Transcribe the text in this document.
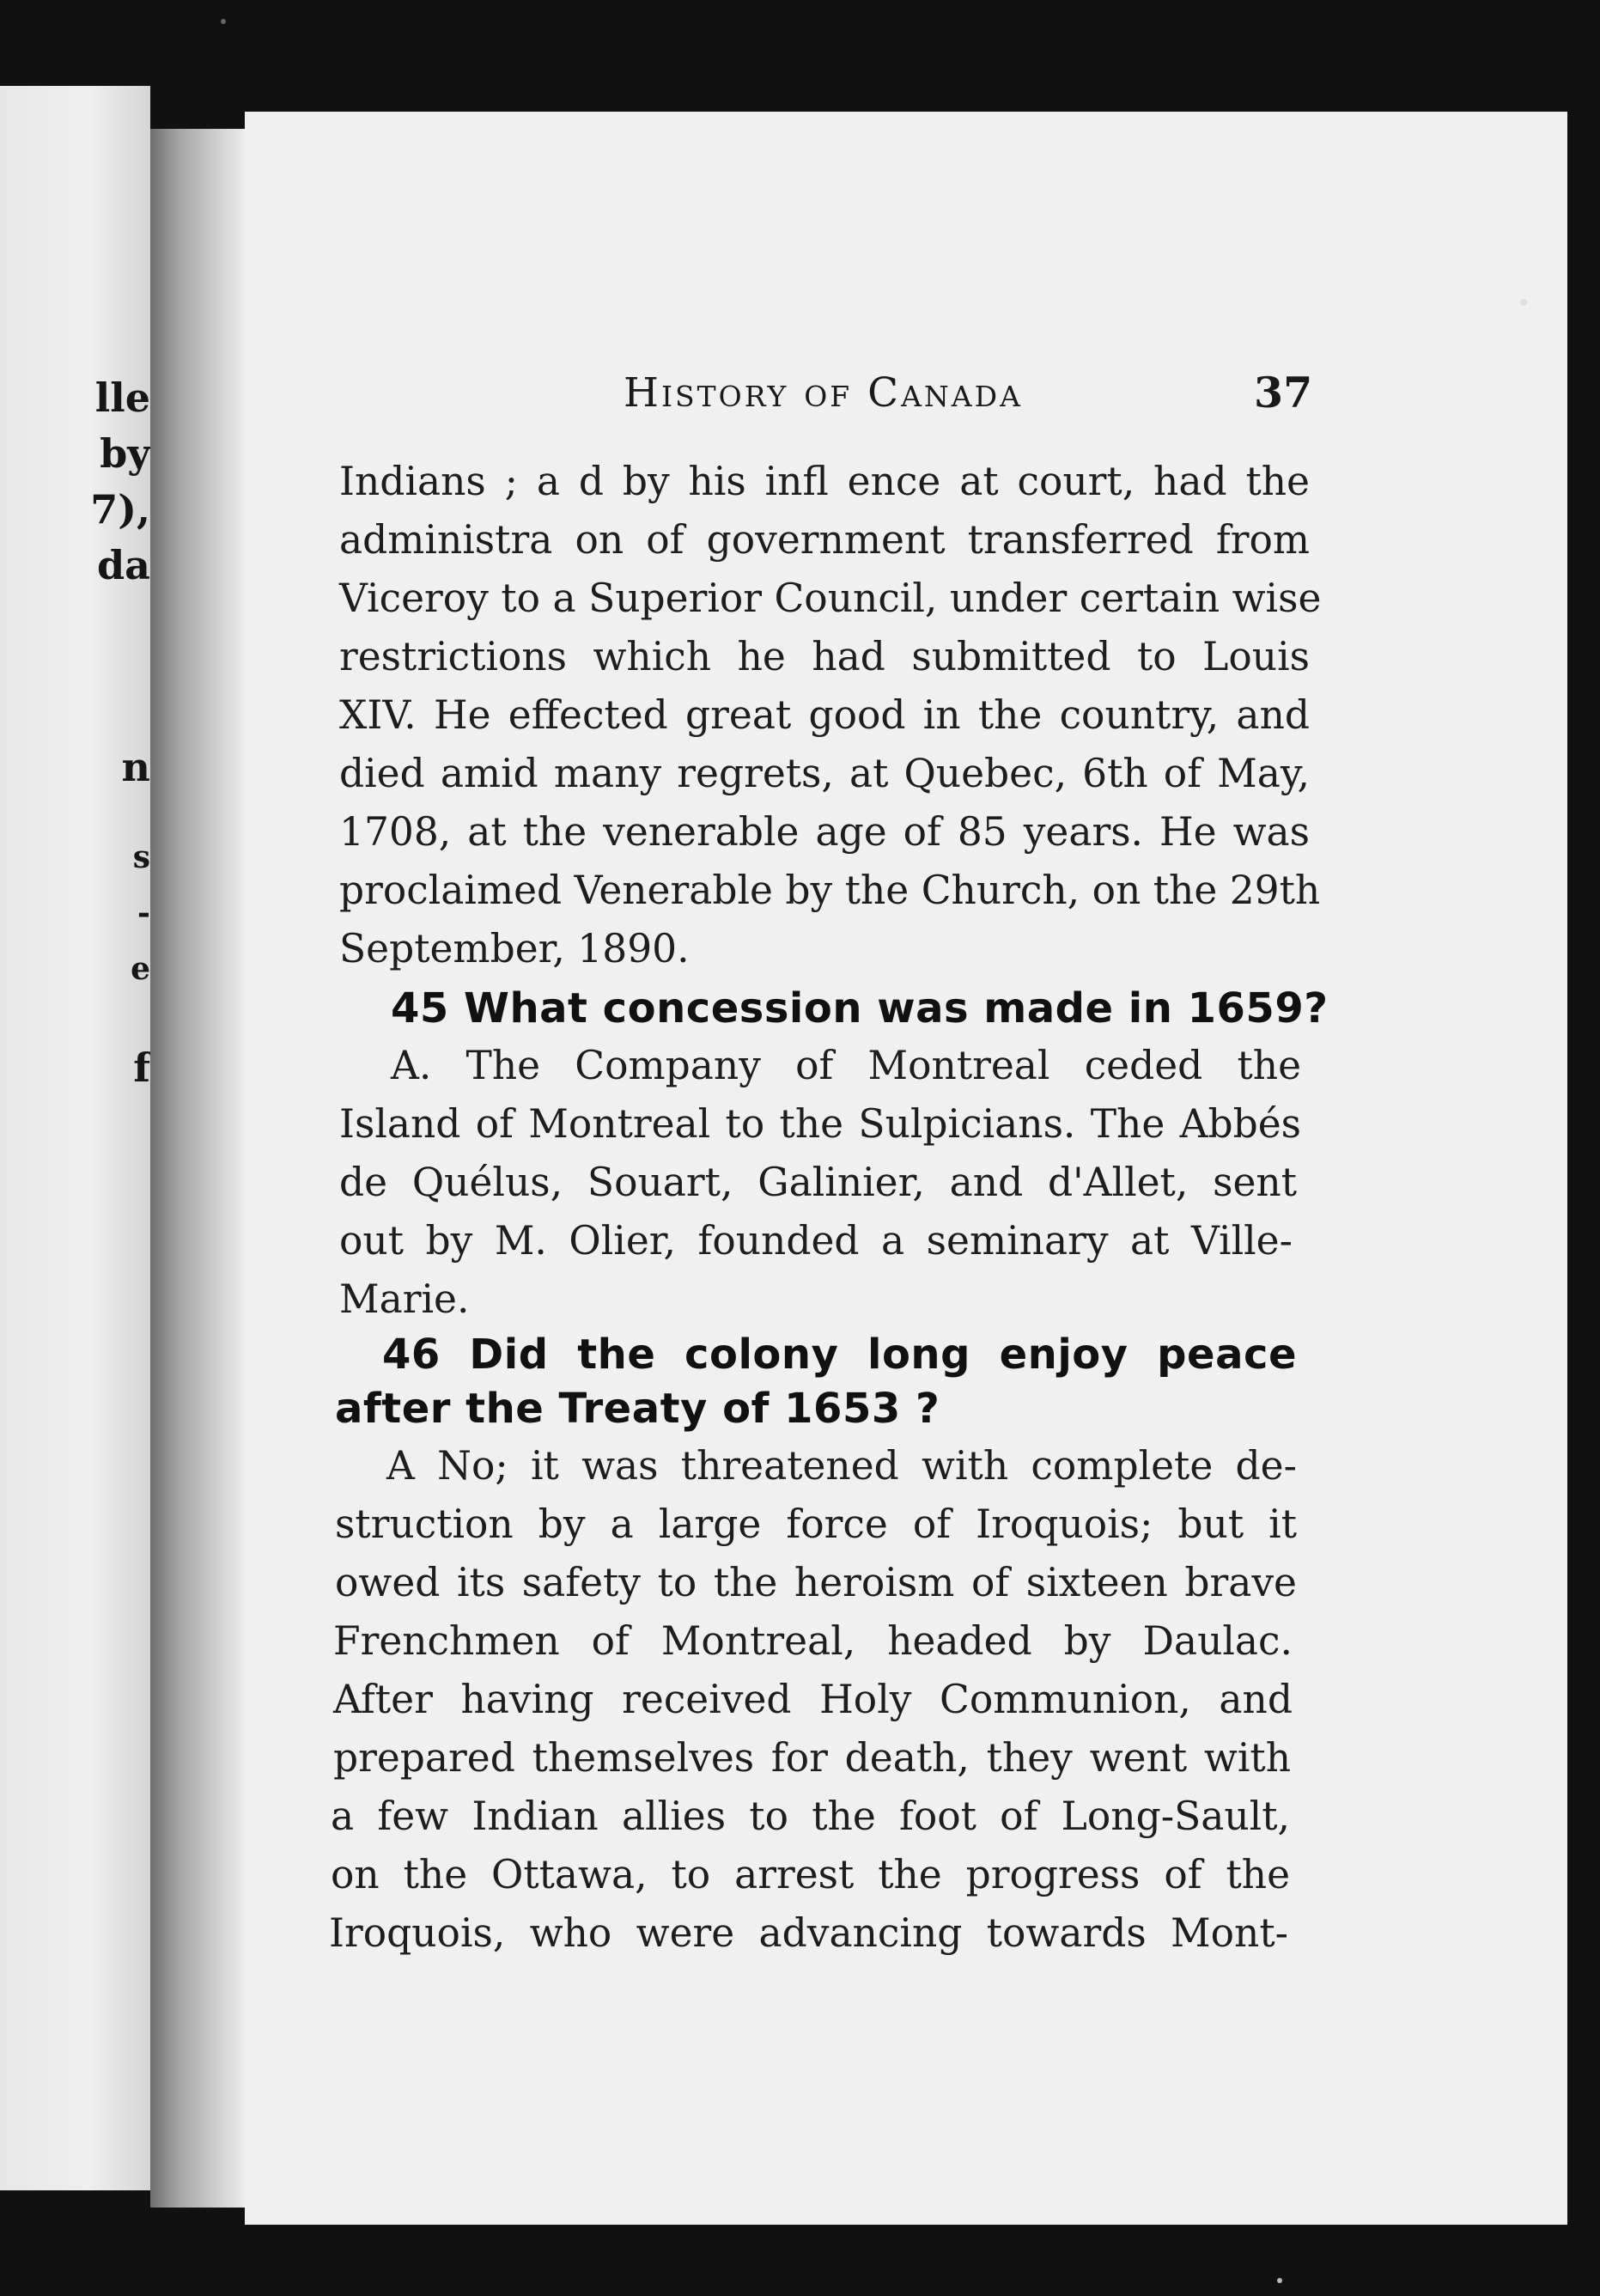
lle
by
7),
da
n
s
-
e
f
History of Canada	37
Indians ; a d by his infl ence at court, had the
administra on of government transferred from
Viceroy to a Superior Council, under certain wise
restrictions which he had submitted to Louis
XIV. He effected great good in the country, and
died amid many regrets, at Quebec, 6th of May,
1708, at the venerable age of 85 years. He was
proclaimed Venerable by the Church, on the 29th
September, 1890.
45 What concession was made in 1659?
A. The Company of Montreal ceded the
Island of Montreal to the Sulpicians. The Abbés
de Quélus, Souart, Galinier, and d'Allet, sent
out by M. Olier, founded a seminary at Ville-
Marie.
46 Did the colony long enjoy peace
after the Treaty of 1653 ?
A No; it was threatened with complete de-
struction by a large force of Iroquois; but it
owed its safety to the heroism of sixteen brave
Frenchmen of Montreal, headed by Daulac.
After having received Holy Communion, and
prepared themselves for death, they went with
a few Indian allies to the foot of Long-Sault,
on the Ottawa, to arrest the progress of the
Iroquois, who were advancing towards Mont-
